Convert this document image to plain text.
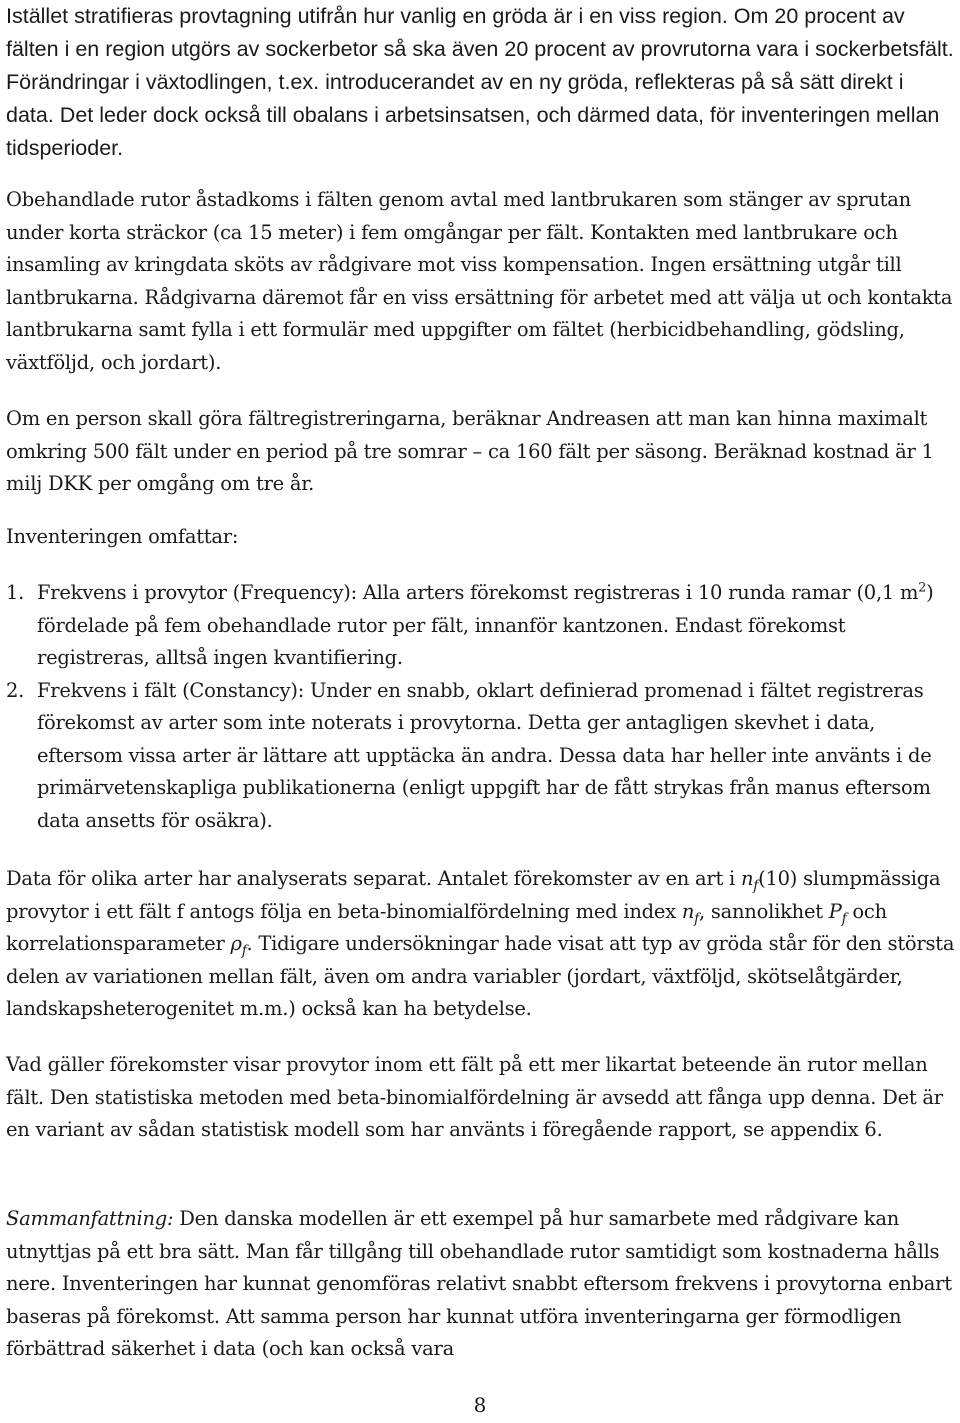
Istället stratifieras provtagning utifrån hur vanlig en gröda är i en viss region. Om 20 procent av fälten i en region utgörs av sockerbetor så ska även 20 procent av provrutorna vara i sockerbetsfält. Förändringar i växtodlingen, t.ex. introducerandet av en ny gröda, reflekteras på så sätt direkt i data. Det leder dock också till obalans i arbetsinsatsen, och därmed data, för inventeringen mellan tidsperioder.

Obehandlade rutor åstadkoms i fälten genom avtal med lantbrukaren som stänger av sprutan under korta sträckor (ca 15 meter) i fem omgångar per fält. Kontakten med lantbrukare och insamling av kringdata sköts av rådgivare mot viss kompensation. Ingen ersättning utgår till lantbrukarna. Rådgivarna däremot får en viss ersättning för arbetet med att välja ut och kontakta lantbrukarna samt fylla i ett formulär med uppgifter om fältet (herbicidbehandling, gödsling, växtföljd, och jordart).

Om en person skall göra fältregistreringarna, beräknar Andreasen att man kan hinna maximalt omkring 500 fält under en period på tre somrar – ca 160 fält per säsong. Beräknad kostnad är 1 milj DKK per omgång om tre år.

Inventeringen omfattar:

1. Frekvens i provytor (Frequency): Alla arters förekomst registreras i 10 runda ramar (0,1 $m^2$) fördelade på fem obehandlade rutor per fält, innanför kantzonen. Endast förekomst registreras, alltså ingen kvantifiering.
2. Frekvens i fält (Constancy): Under en snabb, oklart definierad promenad i fältet registreras förekomst av arter som inte noterats i provytorna. Detta ger antagligen skevhet i data, eftersom vissa arter är lättare att upptäcka än andra. Dessa data har heller inte använts i de primärvetenskapliga publikationerna (enligt uppgift har de fått strykas från manus eftersom data ansetts för osäkra).

Data för olika arter har analyserats separat. Antalet förekomster av en art i $n_f(10)$ slumpmässiga provytor i ett fält f antogs följa en beta-binomialfördelning med index $n_f$, sannolikhet $P_f$ och korrelationsparameter $\rho_f$. Tidigare undersökningar hade visat att typ av gröda står för den största delen av variationen mellan fält, även om andra variabler (jordart, växtföljd, skötselåtgärder, landskapsheterogenitet m.m.) också kan ha betydelse.

Vad gäller förekomster visar provytor inom ett fält på ett mer likartat beteende än rutor mellan fält. Den statistiska metoden med beta-binomialfördelning är avsedd att fånga upp denna. Det är en variant av sådan statistisk modell som har använts i föregående rapport, se appendix 6.

Sammanfattning: Den danska modellen är ett exempel på hur samarbete med rådgivare kan utnyttjas på ett bra sätt. Man får tillgång till obehandlade rutor samtidigt som kostnaderna hålls nere. Inventeringen har kunnat genomföras relativt snabbt eftersom frekvens i provytorna enbart baseras på förekomst. Att samma person har kunnat utföra inventeringarna ger förmodligen förbättrad säkerhet i data (och kan också vara

8
